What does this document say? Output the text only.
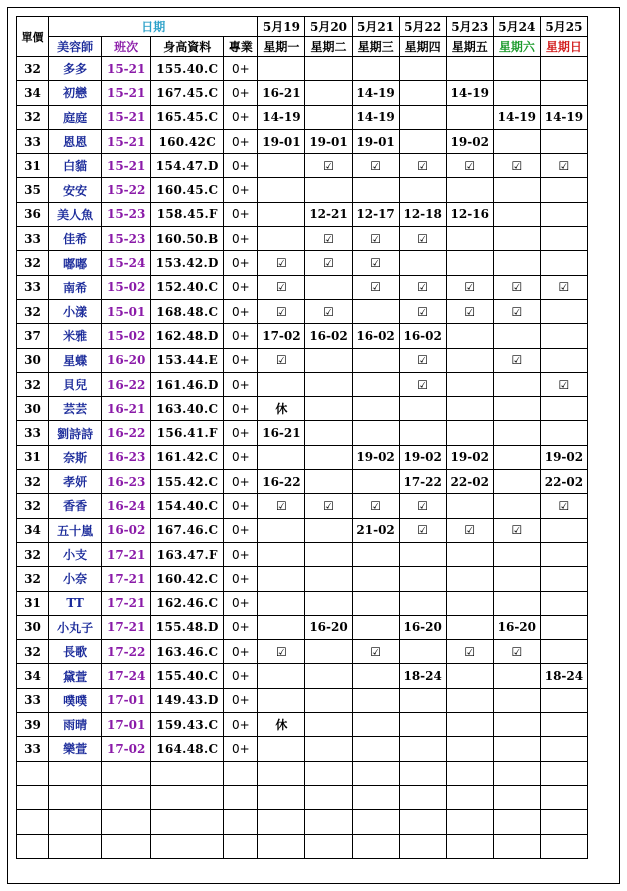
單價	日期				5月19	5月20	5月21	5月22	5月23	5月24	5月25
	美容師	班次	身高資料	專業	星期一	星期二	星期三	星期四	星期五	星期六	星期日
32	多多	15-21	155.40.C	0+							
34	初戀	15-21	167.45.C	0+	16-21		14-19		14-19		
32	庭庭	15-21	165.45.C	0+	14-19		14-19			14-19	14-19
33	恩恩	15-21	160.42C	0+	19-01	19-01	19-01		19-02		
31	白貓	15-21	154.47.D	0+		☑	☑	☑	☑	☑	☑
35	安安	15-22	160.45.C	0+							
36	美人魚	15-23	158.45.F	0+		12-21	12-17	12-18	12-16		
33	佳希	15-23	160.50.B	0+		☑	☑	☑			
32	嘟嘟	15-24	153.42.D	0+	☑	☑	☑				
33	南希	15-02	152.40.C	0+	☑		☑	☑	☑	☑	☑
32	小漾	15-01	168.48.C	0+	☑	☑		☑	☑	☑	
37	米雅	15-02	162.48.D	0+	17-02	16-02	16-02	16-02			
30	星蝶	16-20	153.44.E	0+	☑			☑		☑	
32	貝兒	16-22	161.46.D	0+				☑			☑
30	芸芸	16-21	163.40.C	0+	休						
33	劉詩詩	16-22	156.41.F	0+	16-21						
31	奈斯	16-23	161.42.C	0+			19-02	19-02	19-02		19-02
32	孝妍	16-23	155.42.C	0+	16-22			17-22	22-02		22-02
32	香香	16-24	154.40.C	0+	☑	☑	☑	☑			☑
34	五十嵐	16-02	167.46.C	0+			21-02	☑	☑	☑	
32	小支	17-21	163.47.F	0+							
32	小奈	17-21	160.42.C	0+							
31	TT	17-21	162.46.C	0+							
30	小丸子	17-21	155.48.D	0+		16-20		16-20		16-20	
32	長歌	17-22	163.46.C	0+	☑		☑		☑	☑	
34	黛萱	17-24	155.40.C	0+				18-24			18-24
33	噗噗	17-01	149.43.D	0+							
39	雨晴	17-01	159.43.C	0+	休						
33	樂萱	17-02	164.48.C	0+							
